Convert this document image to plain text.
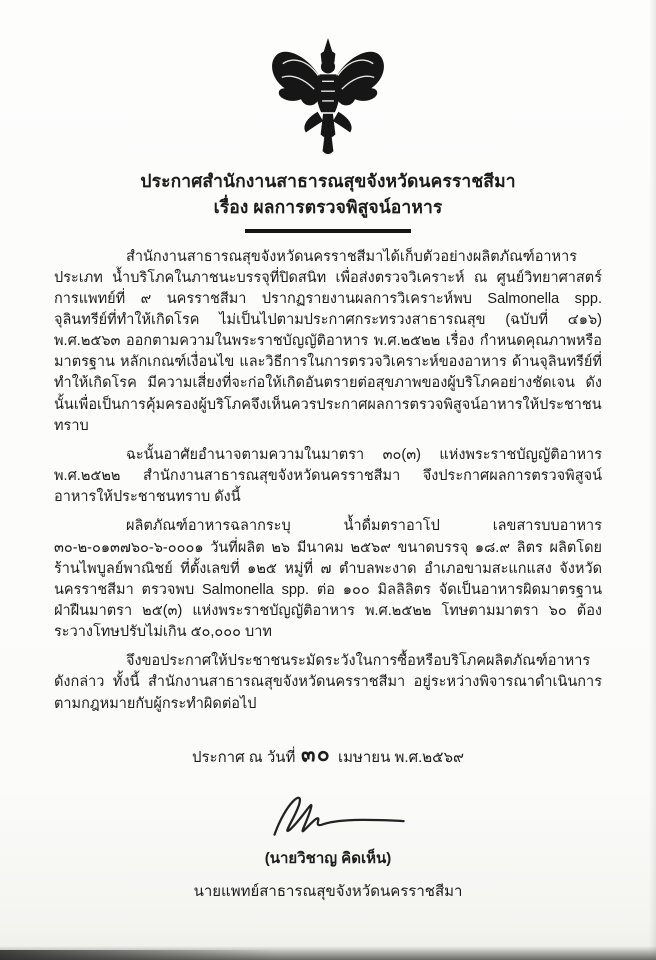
ประกาศสำนักงานสาธารณสุขจังหวัดนครราชสีมา
เรื่อง ผลการตรวจพิสูจน์อาหาร

สำนักงานสาธารณสุขจังหวัดนครราชสีมาได้เก็บตัวอย่างผลิตภัณฑ์อาหารประเภท น้ำบริโภคในภาชนะบรรจุที่ปิดสนิท เพื่อส่งตรวจวิเคราะห์ ณ ศูนย์วิทยาศาสตร์การแพทย์ที่ ๙ นครราชสีมา ปรากฏรายงานผลการวิเคราะห์พบ Salmonella spp. จุลินทรีย์ที่ทำให้เกิดโรค ไม่เป็นไปตามประกาศกระทรวงสาธารณสุข (ฉบับที่ ๔๑๖) พ.ศ.๒๕๖๓ ออกตามความในพระราชบัญญัติอาหาร พ.ศ.๒๕๒๒ เรื่อง กำหนดคุณภาพหรือมาตรฐาน หลักเกณฑ์เงื่อนไข และวิธีการในการตรวจวิเคราะห์ของอาหาร ด้านจุลินทรีย์ที่ทำให้เกิดโรค มีความเสี่ยงที่จะก่อให้เกิดอันตรายต่อสุขภาพของผู้บริโภคอย่างชัดเจน ดังนั้นเพื่อเป็นการคุ้มครองผู้บริโภคจึงเห็นควรประกาศผลการตรวจพิสูจน์อาหารให้ประชาชนทราบ

ฉะนั้นอาศัยอำนาจตามความในมาตรา ๓๐(๓) แห่งพระราชบัญญัติอาหาร พ.ศ.๒๕๒๒ สำนักงานสาธารณสุขจังหวัดนครราชสีมา จึงประกาศผลการตรวจพิสูจน์อาหารให้ประชาชนทราบ ดังนี้

ผลิตภัณฑ์อาหารฉลากระบุ น้ำดื่มตราอาโป เลขสารบบอาหาร ๓๐-๒-๐๑๓๗๖๐-๖-๐๐๐๑ วันที่ผลิต ๒๖ มีนาคม ๒๕๖๙ ขนาดบรรจุ ๑๘.๙ ลิตร ผลิตโดย ร้านไพบูลย์พาณิชย์ ที่ตั้งเลขที่ ๑๒๕ หมู่ที่ ๗ ตำบลพะงาด อำเภอขามสะแกแสง จังหวัดนครราชสีมา ตรวจพบ Salmonella spp. ต่อ ๑๐๐ มิลลิลิตร จัดเป็นอาหารผิดมาตรฐาน ฝ่าฝืนมาตรา ๒๕(๓) แห่งพระราชบัญญัติอาหาร พ.ศ.๒๕๒๒ โทษตามมาตรา ๖๐ ต้องระวางโทษปรับไม่เกิน ๕๐,๐๐๐ บาท

จึงขอประกาศให้ประชาชนระมัดระวังในการซื้อหรือบริโภคผลิตภัณฑ์อาหารดังกล่าว ทั้งนี้ สำนักงานสาธารณสุขจังหวัดนครราชสีมา อยู่ระหว่างพิจารณาดำเนินการตามกฎหมายกับผู้กระทำผิดต่อไป

ประกาศ ณ วันที่ ๓๐ เมษายน พ.ศ.๒๕๖๙
(นายวิชาญ คิดเห็น)
นายแพทย์สาธารณสุขจังหวัดนครราชสีมา
